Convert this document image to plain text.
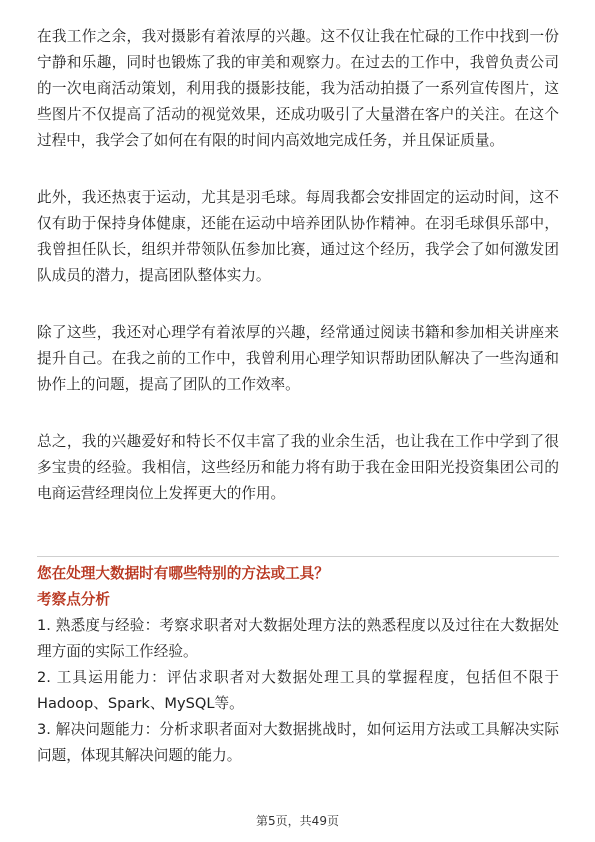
在我工作之余，我对摄影有着浓厚的兴趣。这不仅让我在忙碌的工作中找到一份宁静和乐趣，同时也锻炼了我的审美和观察力。在过去的工作中，我曾负责公司的一次电商活动策划，利用我的摄影技能，我为活动拍摄了一系列宣传图片，这些图片不仅提高了活动的视觉效果，还成功吸引了大量潜在客户的关注。在这个过程中，我学会了如何在有限的时间内高效地完成任务，并且保证质量。

此外，我还热衷于运动，尤其是羽毛球。每周我都会安排固定的运动时间，这不仅有助于保持身体健康，还能在运动中培养团队协作精神。在羽毛球俱乐部中，我曾担任队长，组织并带领队伍参加比赛，通过这个经历，我学会了如何激发团队成员的潜力，提高团队整体实力。

除了这些，我还对心理学有着浓厚的兴趣，经常通过阅读书籍和参加相关讲座来提升自己。在我之前的工作中，我曾利用心理学知识帮助团队解决了一些沟通和协作上的问题，提高了团队的工作效率。

总之，我的兴趣爱好和特长不仅丰富了我的业余生活，也让我在工作中学到了很多宝贵的经验。我相信，这些经历和能力将有助于我在金田阳光投资集团公司的电商运营经理岗位上发挥更大的作用。

您在处理大数据时有哪些特别的方法或工具？

考察点分析

1. 熟悉度与经验：考察求职者对大数据处理方法的熟悉程度以及过往在大数据处理方面的实际工作经验。

2. 工具运用能力：评估求职者对大数据处理工具的掌握程度，包括但不限于Hadoop、Spark、MySQL等。

3. 解决问题能力：分析求职者面对大数据挑战时，如何运用方法或工具解决实际问题，体现其解决问题的能力。

第5页，共49页
